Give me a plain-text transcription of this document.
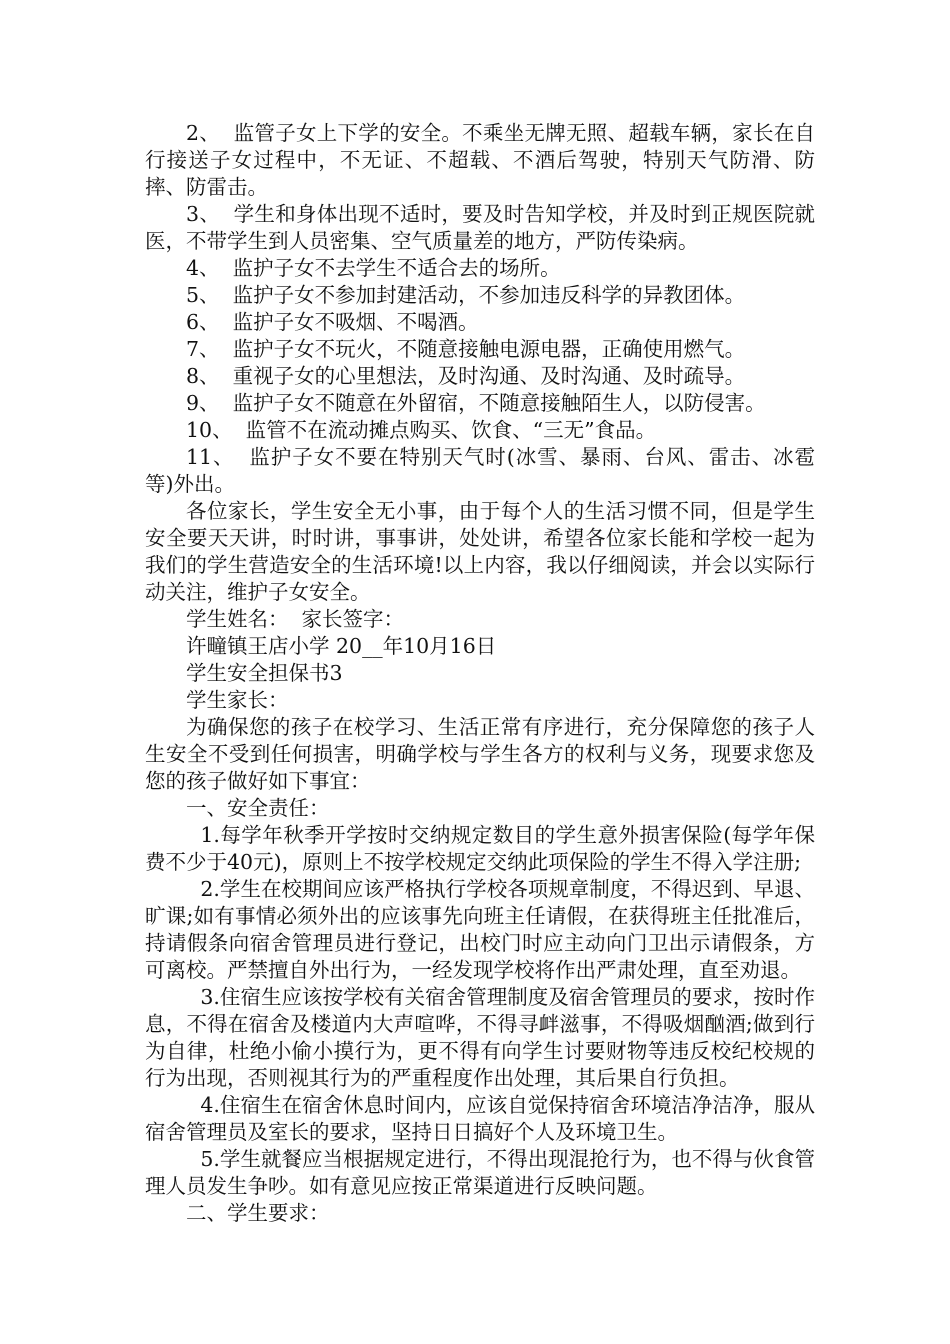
2、  监管子女上下学的安全。不乘坐无牌无照、超载车辆，家长在自行接送子女过程中，不无证、不超载、不酒后驾驶，特别天气防滑、防摔、防雷击。

3、  学生和身体出现不适时，要及时告知学校，并及时到正规医院就医，不带学生到人员密集、空气质量差的地方，严防传染病。

4、  监护子女不去学生不适合去的场所。

5、  监护子女不参加封建活动，不参加违反科学的异教团体。

6、  监护子女不吸烟、不喝酒。

7、  监护子女不玩火，不随意接触电源电器，正确使用燃气。

8、  重视子女的心里想法，及时沟通、及时沟通、及时疏导。

9、  监护子女不随意在外留宿，不随意接触陌生人，以防侵害。

10、  监管不在流动摊点购买、饮食、“三无”食品。

11、  监护子女不要在特别天气时(冰雪、暴雨、台风、雷击、冰雹等)外出。

各位家长，学生安全无小事，由于每个人的生活习惯不同，但是学生安全要天天讲，时时讲，事事讲，处处讲，希望各位家长能和学校一起为我们的学生营造安全的生活环境!以上内容，我以仔细阅读，并会以实际行动关注，维护子女安全。

学生姓名：  家长签字：

许疃镇王店小学 20__年10月16日

学生安全担保书3

学生家长：

为确保您的孩子在校学习、生活正常有序进行，充分保障您的孩子人生安全不受到任何损害，明确学校与学生各方的权利与义务，现要求您及您的孩子做好如下事宜：

一、安全责任：

1.每学年秋季开学按时交纳规定数目的学生意外损害保险(每学年保费不少于40元)，原则上不按学校规定交纳此项保险的学生不得入学注册;

2.学生在校期间应该严格执行学校各项规章制度，不得迟到、早退、旷课;如有事情必须外出的应该事先向班主任请假，在获得班主任批准后，持请假条向宿舍管理员进行登记，出校门时应主动向门卫出示请假条，方可离校。严禁擅自外出行为，一经发现学校将作出严肃处理，直至劝退。

3.住宿生应该按学校有关宿舍管理制度及宿舍管理员的要求，按时作息，不得在宿舍及楼道内大声喧哗，不得寻衅滋事，不得吸烟酗酒;做到行为自律，杜绝小偷小摸行为，更不得有向学生讨要财物等违反校纪校规的行为出现，否则视其行为的严重程度作出处理，其后果自行负担。

4.住宿生在宿舍休息时间内，应该自觉保持宿舍环境洁净洁净，服从宿舍管理员及室长的要求，坚持日日搞好个人及环境卫生。

5.学生就餐应当根据规定进行，不得出现混抢行为，也不得与伙食管理人员发生争吵。如有意见应按正常渠道进行反映问题。

二、学生要求：
